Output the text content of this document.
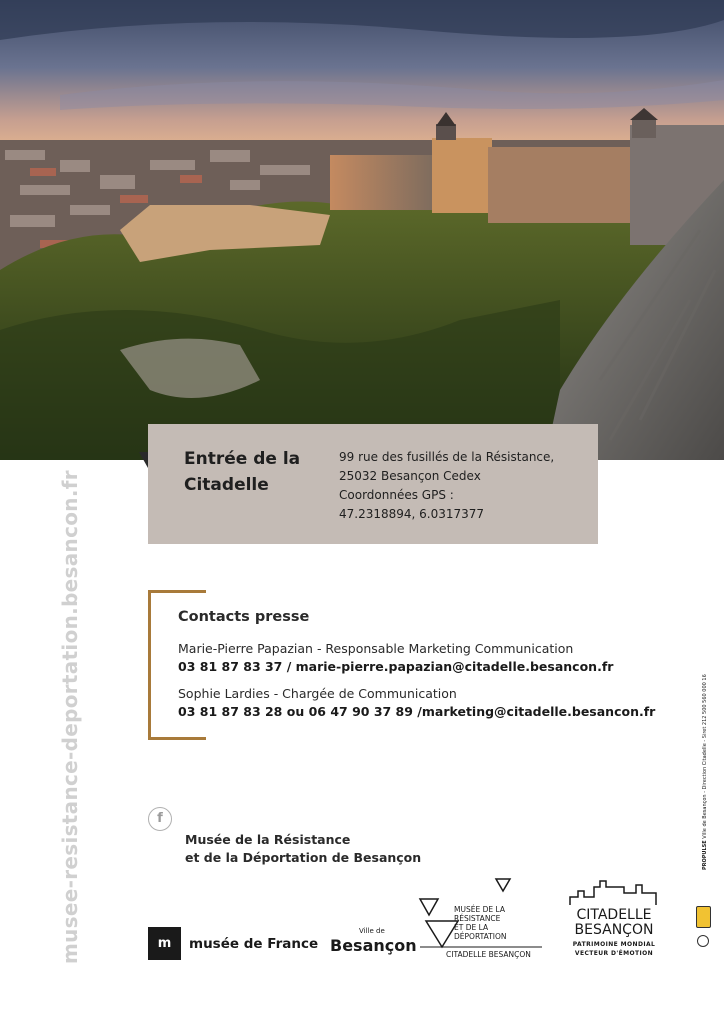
Entrée de la
Citadelle
99 rue des fusillés de la Résistance,
25032 Besançon Cedex
Coordonnées GPS :
47.2318894, 6.0317377
musee-resistance-deportation.besancon.fr	Contacts presse
Marie-Pierre Papazian - Responsable Marketing Communication
03 81 87 83 37 / marie-pierre.papazian@citadelle.besancon.fr
Sophie Lardies - Chargée de Communication
03 81 87 83 28 ou 06 47 90 37 89 /marketing@citadelle.besancon.fr
f
Musée de la Résistance
et de la Déportation de Besançon
m	musée de France
Ville de
Besançon
MUSÉE DE LA
RÉSISTANCE
ET DE LA
DÉPORTATION
CITADELLE BESANÇON
CITADELLE
BESANÇON
PATRIMOINE MONDIAL
VECTEUR D'ÉMOTION
PROPULSE Ville de Besançon - Direction Citadelle - Siret 212 500 560 000 16
